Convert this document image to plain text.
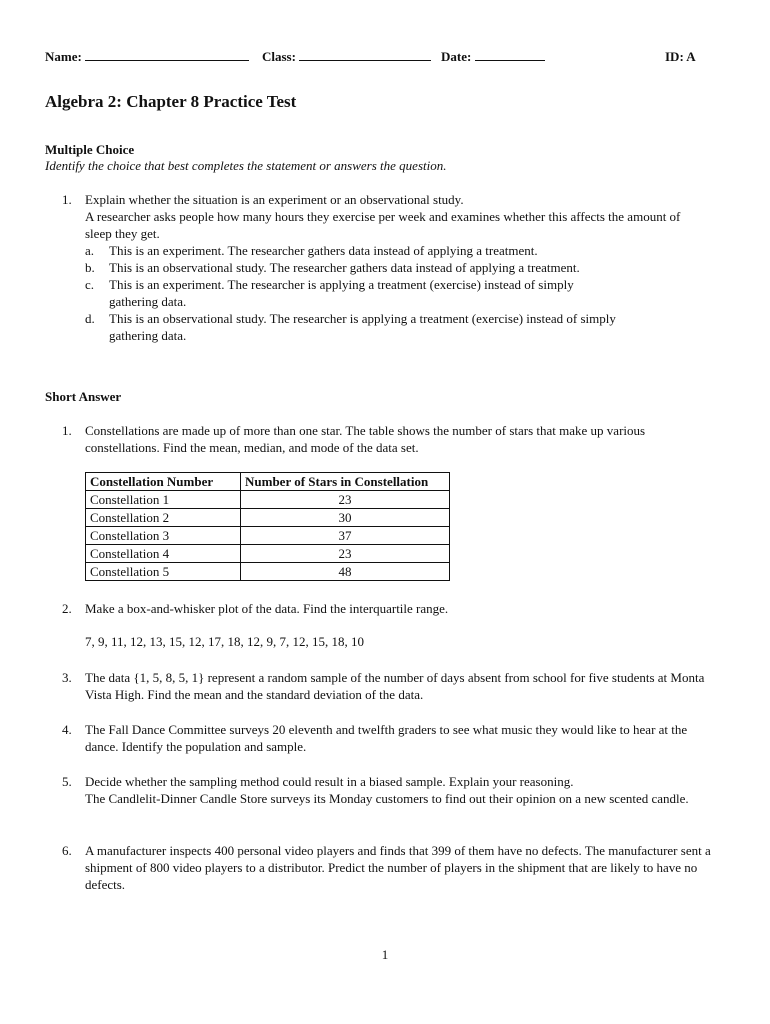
Name:	Class:	Date:	ID: A
Algebra 2: Chapter 8 Practice Test
Multiple Choice
Identify the choice that best completes the statement or answers the question.
1.	Explain whether the situation is an experiment or an observational study.
A researcher asks people how many hours they exercise per week and examines whether this affects the amount of
sleep they get.
a. This is an experiment. The researcher gathers data instead of applying a treatment.
b. This is an observational study. The researcher gathers data instead of applying a treatment.
c. This is an experiment. The researcher is applying a treatment (exercise) instead of simply gathering data.
d. This is an observational study. The researcher is applying a treatment (exercise) instead of simply gathering data.
Short Answer
1.	Constellations are made up of more than one star. The table shows the number of stars that make up various constellations. Find the mean, median, and mode of the data set.
Constellation Number	Number of Stars in Constellation
Constellation 1	23
Constellation 2	30
Constellation 3	37
Constellation 4	23
Constellation 5	48
2.	Make a box-and-whisker plot of the data. Find the interquartile range.
7, 9, 11, 12, 13, 15, 12, 17, 18, 12, 9, 7, 12, 15, 18, 10
3.	The data {1, 5, 8, 5, 1} represent a random sample of the number of days absent from school for five students at Monta Vista High. Find the mean and the standard deviation of the data.
4.	The Fall Dance Committee surveys 20 eleventh and twelfth graders to see what music they would like to hear at the dance. Identify the population and sample.
5.	Decide whether the sampling method could result in a biased sample. Explain your reasoning.
The Candlelit-Dinner Candle Store surveys its Monday customers to find out their opinion on a new scented candle.
6.	A manufacturer inspects 400 personal video players and finds that 399 of them have no defects. The manufacturer sent a shipment of 800 video players to a distributor. Predict the number of players in the shipment that are likely to have no defects.
1
